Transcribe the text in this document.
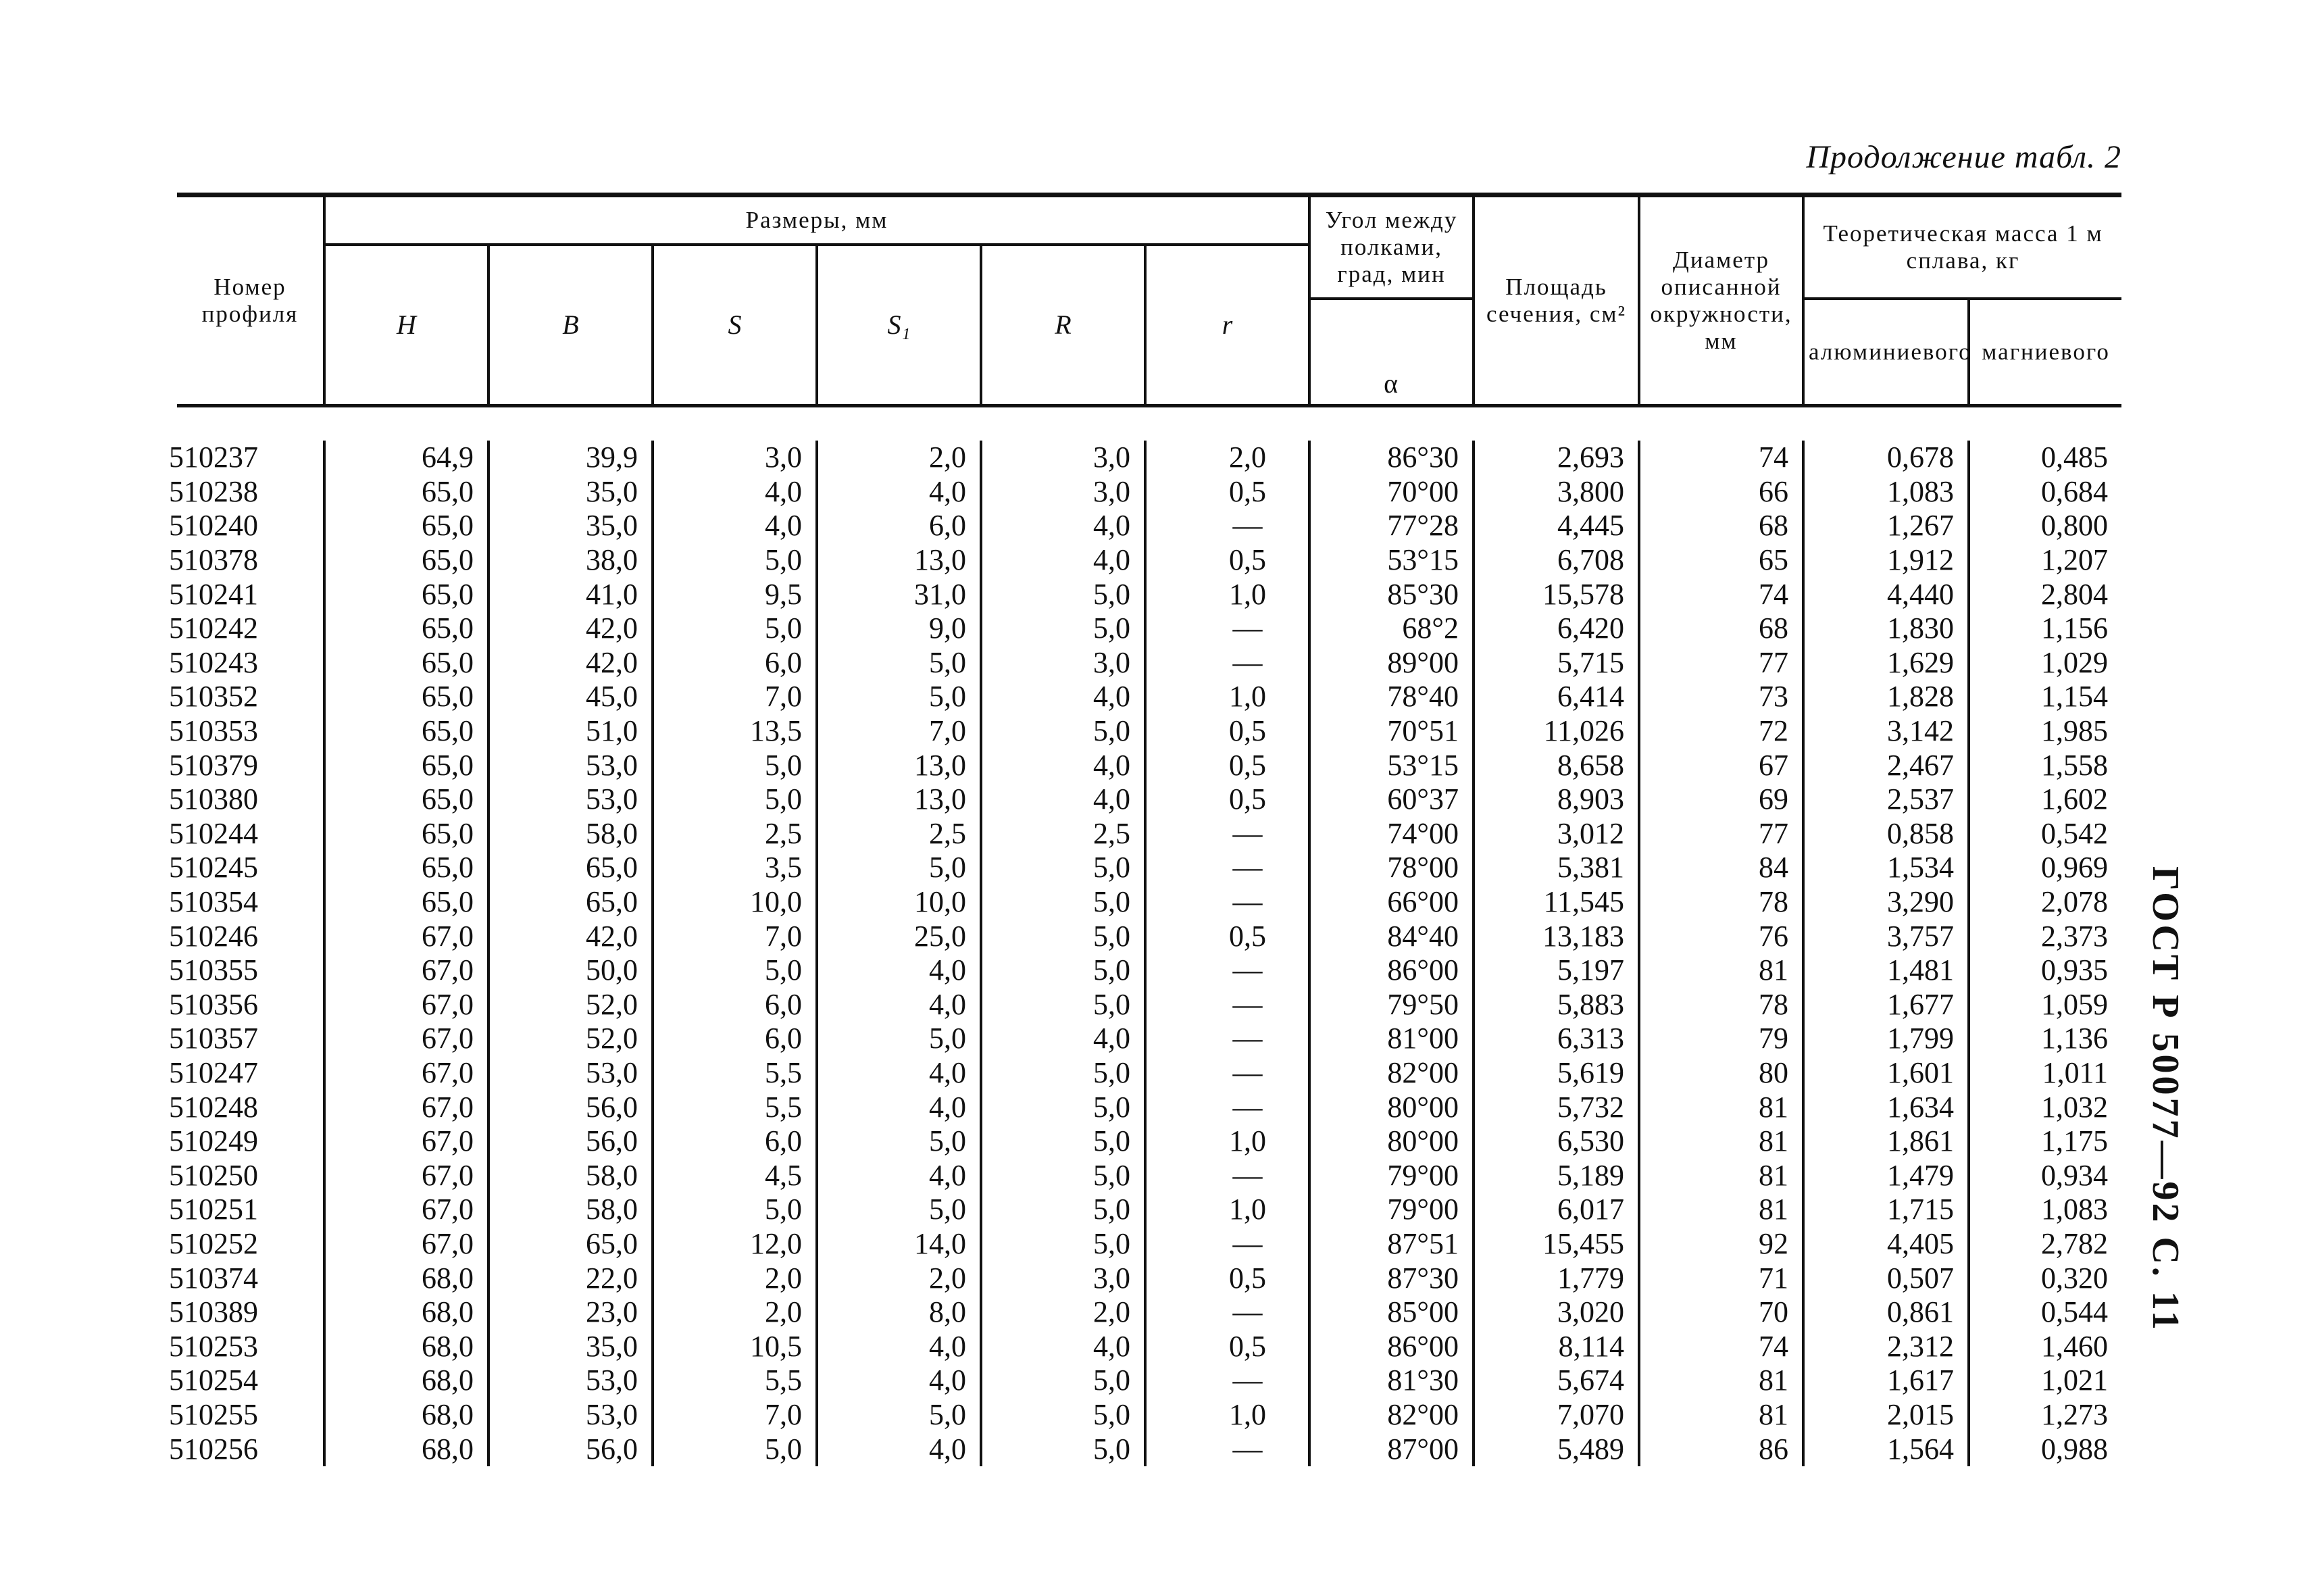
Продолжение табл. 2
Номер профиля	Размеры, мм						Угол между полками, град, мин	Площадь сечения, см²	Диаметр описанной окружности, мм	Теоретическая масса 1 м сплава, кг	
	H	B	S	S₁	R	r					
							α			алюминиевого	магниевого
510237	64,9	39,9	3,0	2,0	3,0	2,0	86°30	2,693	74	0,678	0,485
510238	65,0	35,0	4,0	4,0	3,0	0,5	70°00	3,800	66	1,083	0,684
510240	65,0	35,0	4,0	6,0	4,0	—	77°28	4,445	68	1,267	0,800
510378	65,0	38,0	5,0	13,0	4,0	0,5	53°15	6,708	65	1,912	1,207
510241	65,0	41,0	9,5	31,0	5,0	1,0	85°30	15,578	74	4,440	2,804
510242	65,0	42,0	5,0	9,0	5,0	—	68°2	6,420	68	1,830	1,156
510243	65,0	42,0	6,0	5,0	3,0	—	89°00	5,715	77	1,629	1,029
510352	65,0	45,0	7,0	5,0	4,0	1,0	78°40	6,414	73	1,828	1,154
510353	65,0	51,0	13,5	7,0	5,0	0,5	70°51	11,026	72	3,142	1,985
510379	65,0	53,0	5,0	13,0	4,0	0,5	53°15	8,658	67	2,467	1,558
510380	65,0	53,0	5,0	13,0	4,0	0,5	60°37	8,903	69	2,537	1,602
510244	65,0	58,0	2,5	2,5	2,5	—	74°00	3,012	77	0,858	0,542
510245	65,0	65,0	3,5	5,0	5,0	—	78°00	5,381	84	1,534	0,969
510354	65,0	65,0	10,0	10,0	5,0	—	66°00	11,545	78	3,290	2,078
510246	67,0	42,0	7,0	25,0	5,0	0,5	84°40	13,183	76	3,757	2,373
510355	67,0	50,0	5,0	4,0	5,0	—	86°00	5,197	81	1,481	0,935
510356	67,0	52,0	6,0	4,0	5,0	—	79°50	5,883	78	1,677	1,059
510357	67,0	52,0	6,0	5,0	4,0	—	81°00	6,313	79	1,799	1,136
510247	67,0	53,0	5,5	4,0	5,0	—	82°00	5,619	80	1,601	1,011
510248	67,0	56,0	5,5	4,0	5,0	—	80°00	5,732	81	1,634	1,032
510249	67,0	56,0	6,0	5,0	5,0	1,0	80°00	6,530	81	1,861	1,175
510250	67,0	58,0	4,5	4,0	5,0	—	79°00	5,189	81	1,479	0,934
510251	67,0	58,0	5,0	5,0	5,0	1,0	79°00	6,017	81	1,715	1,083
510252	67,0	65,0	12,0	14,0	5,0	—	87°51	15,455	92	4,405	2,782
510374	68,0	22,0	2,0	2,0	3,0	0,5	87°30	1,779	71	0,507	0,320
510389	68,0	23,0	2,0	8,0	2,0	—	85°00	3,020	70	0,861	0,544
510253	68,0	35,0	10,5	4,0	4,0	0,5	86°00	8,114	74	2,312	1,460
510254	68,0	53,0	5,5	4,0	5,0	—	81°30	5,674	81	1,617	1,021
510255	68,0	53,0	7,0	5,0	5,0	1,0	82°00	7,070	81	2,015	1,273
510256	68,0	56,0	5,0	4,0	5,0	—	87°00	5,489	86	1,564	0,988
ГОСТ Р 50077—92 С. 11
